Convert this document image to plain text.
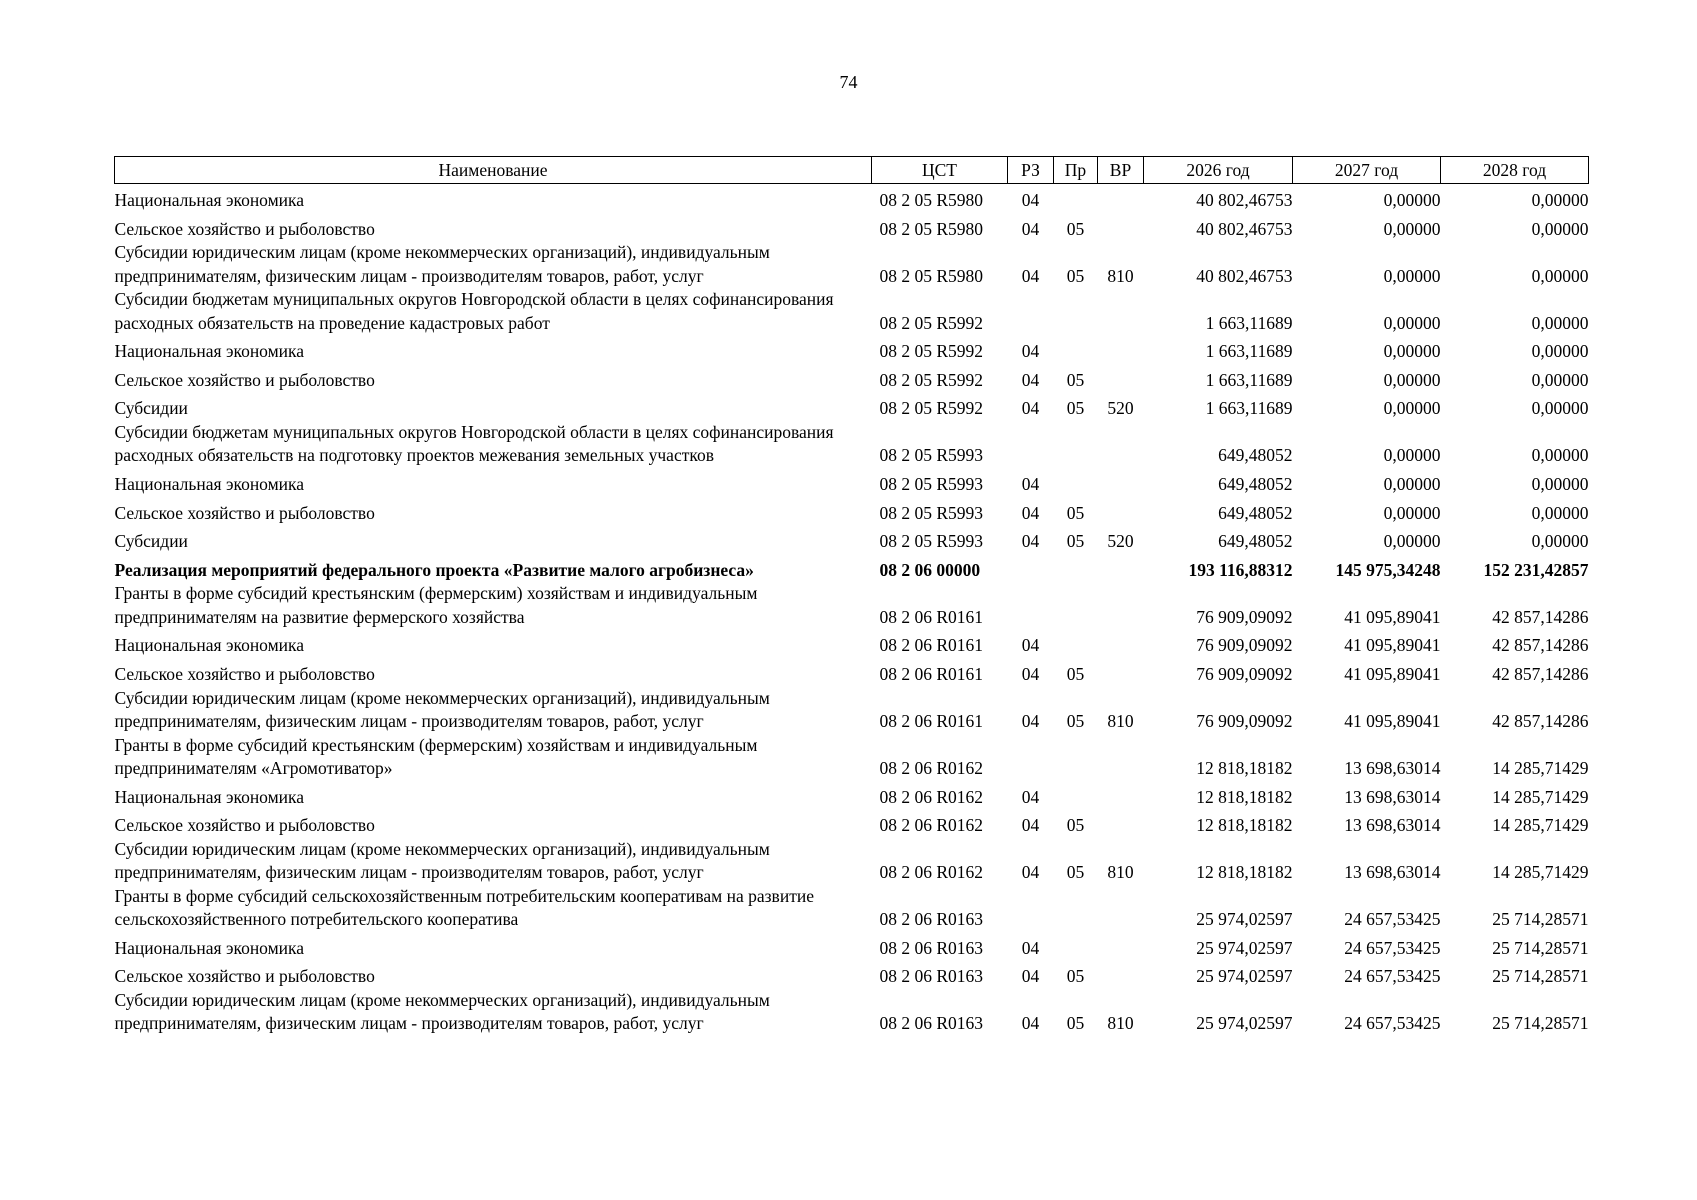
74
Наименование	ЦСТ	РЗ	Пр	ВР	2026 год	2027 год	2028 год
Национальная экономика	08 2 05 R5980	04			40 802,46753	0,00000	0,00000
Сельское хозяйство и рыболовство	08 2 05 R5980	04	05		40 802,46753	0,00000	0,00000
Субсидии юридическим лицам (кроме некоммерческих организаций), индивидуальным предпринимателям, физическим лицам - производителям товаров, работ, услуг	08 2 05 R5980	04	05	810	40 802,46753	0,00000	0,00000
Субсидии бюджетам муниципальных округов Новгородской области в целях софинансирования расходных обязательств на проведение кадастровых работ	08 2 05 R5992				1 663,11689	0,00000	0,00000
Национальная экономика	08 2 05 R5992	04			1 663,11689	0,00000	0,00000
Сельское хозяйство и рыболовство	08 2 05 R5992	04	05		1 663,11689	0,00000	0,00000
Субсидии	08 2 05 R5992	04	05	520	1 663,11689	0,00000	0,00000
Субсидии бюджетам муниципальных округов Новгородской области в целях софинансирования расходных обязательств на подготовку проектов межевания земельных участков	08 2 05 R5993				649,48052	0,00000	0,00000
Национальная экономика	08 2 05 R5993	04			649,48052	0,00000	0,00000
Сельское хозяйство и рыболовство	08 2 05 R5993	04	05		649,48052	0,00000	0,00000
Субсидии	08 2 05 R5993	04	05	520	649,48052	0,00000	0,00000
Реализация мероприятий федерального проекта «Развитие малого агробизнеса»	08 2 06 00000				193 116,88312	145 975,34248	152 231,42857
Гранты в форме субсидий крестьянским (фермерским) хозяйствам и индивидуальным предпринимателям на развитие фермерского хозяйства	08 2 06 R0161				76 909,09092	41 095,89041	42 857,14286
Национальная экономика	08 2 06 R0161	04			76 909,09092	41 095,89041	42 857,14286
Сельское хозяйство и рыболовство	08 2 06 R0161	04	05		76 909,09092	41 095,89041	42 857,14286
Субсидии юридическим лицам (кроме некоммерческих организаций), индивидуальным предпринимателям, физическим лицам - производителям товаров, работ, услуг	08 2 06 R0161	04	05	810	76 909,09092	41 095,89041	42 857,14286
Гранты в форме субсидий крестьянским (фермерским) хозяйствам и индивидуальным предпринимателям «Агромотиватор»	08 2 06 R0162				12 818,18182	13 698,63014	14 285,71429
Национальная экономика	08 2 06 R0162	04			12 818,18182	13 698,63014	14 285,71429
Сельское хозяйство и рыболовство	08 2 06 R0162	04	05		12 818,18182	13 698,63014	14 285,71429
Субсидии юридическим лицам (кроме некоммерческих организаций), индивидуальным предпринимателям, физическим лицам - производителям товаров, работ, услуг	08 2 06 R0162	04	05	810	12 818,18182	13 698,63014	14 285,71429
Гранты в форме субсидий сельскохозяйственным потребительским кооперативам на развитие сельскохозяйственного потребительского кооператива	08 2 06 R0163				25 974,02597	24 657,53425	25 714,28571
Национальная экономика	08 2 06 R0163	04			25 974,02597	24 657,53425	25 714,28571
Сельское хозяйство и рыболовство	08 2 06 R0163	04	05		25 974,02597	24 657,53425	25 714,28571
Субсидии юридическим лицам (кроме некоммерческих организаций), индивидуальным предпринимателям, физическим лицам - производителям товаров, работ, услуг	08 2 06 R0163	04	05	810	25 974,02597	24 657,53425	25 714,28571
